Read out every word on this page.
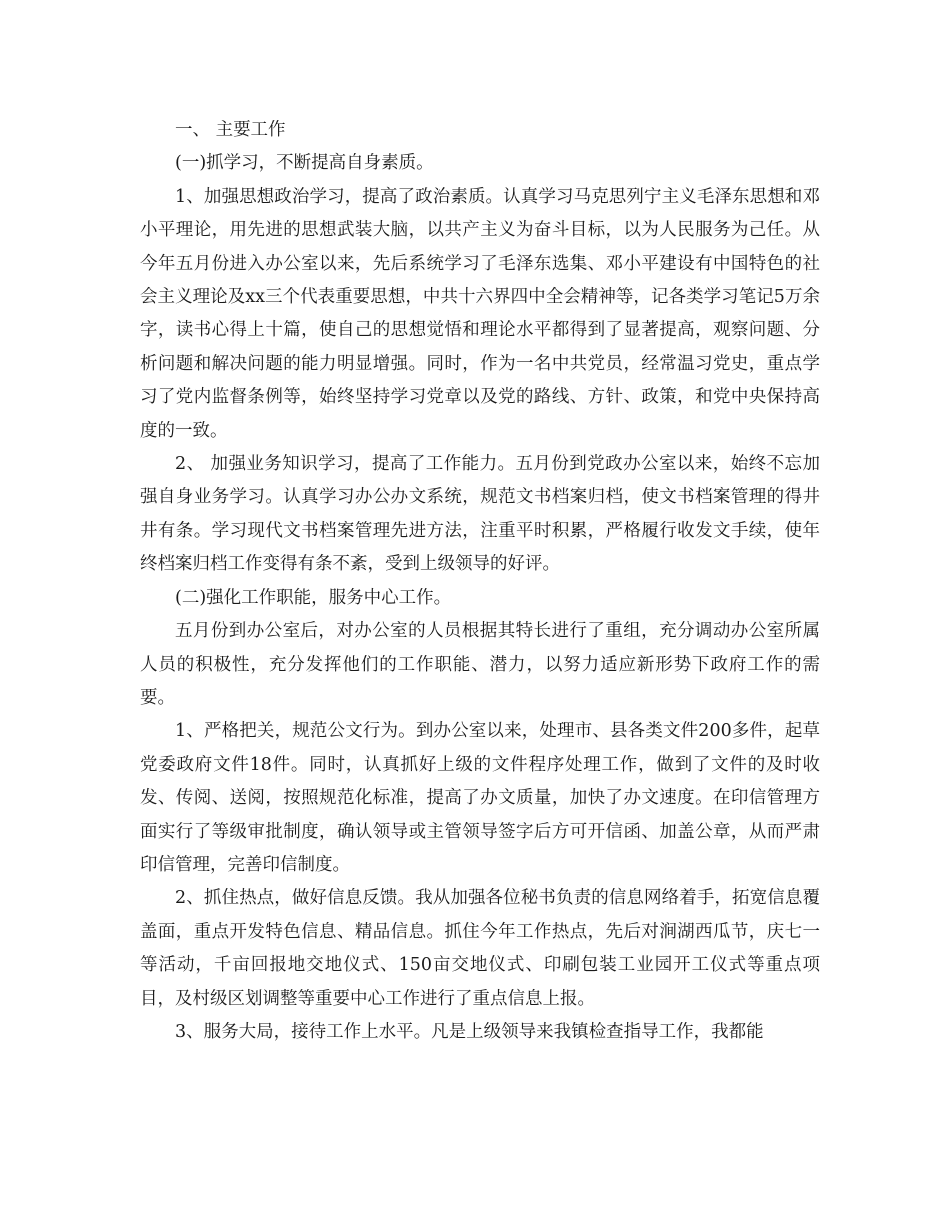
一、 主要工作

(一)抓学习，不断提高自身素质。

1、加强思想政治学习，提高了政治素质。认真学习马克思列宁主义毛泽东思想和邓小平理论，用先进的思想武装大脑，以共产主义为奋斗目标，以为人民服务为己任。从今年五月份进入办公室以来，先后系统学习了毛泽东选集、邓小平建设有中国特色的社会主义理论及xx三个代表重要思想，中共十六界四中全会精神等，记各类学习笔记5万余字，读书心得上十篇，使自己的思想觉悟和理论水平都得到了显著提高，观察问题、分析问题和解决问题的能力明显增强。同时，作为一名中共党员，经常温习党史，重点学习了党内监督条例等，始终坚持学习党章以及党的路线、方针、政策，和党中央保持高度的一致。

2、 加强业务知识学习，提高了工作能力。五月份到党政办公室以来，始终不忘加强自身业务学习。认真学习办公办文系统，规范文书档案归档，使文书档案管理的得井井有条。学习现代文书档案管理先进方法，注重平时积累，严格履行收发文手续，使年终档案归档工作变得有条不紊，受到上级领导的好评。

(二)强化工作职能，服务中心工作。

五月份到办公室后，对办公室的人员根据其特长进行了重组，充分调动办公室所属人员的积极性，充分发挥他们的工作职能、潜力，以努力适应新形势下政府工作的需要。

1、严格把关，规范公文行为。到办公室以来，处理市、县各类文件200多件，起草党委政府文件18件。同时，认真抓好上级的文件程序处理工作，做到了文件的及时收发、传阅、送阅，按照规范化标准，提高了办文质量，加快了办文速度。在印信管理方面实行了等级审批制度，确认领导或主管领导签字后方可开信函、加盖公章，从而严肃印信管理，完善印信制度。

2、抓住热点，做好信息反馈。我从加强各位秘书负责的信息网络着手，拓宽信息覆盖面，重点开发特色信息、精品信息。抓住今年工作热点，先后对涧湖西瓜节，庆七一等活动，千亩回报地交地仪式、150亩交地仪式、印刷包装工业园开工仪式等重点项目，及村级区划调整等重要中心工作进行了重点信息上报。

3、服务大局，接待工作上水平。凡是上级领导来我镇检查指导工作，我都能
